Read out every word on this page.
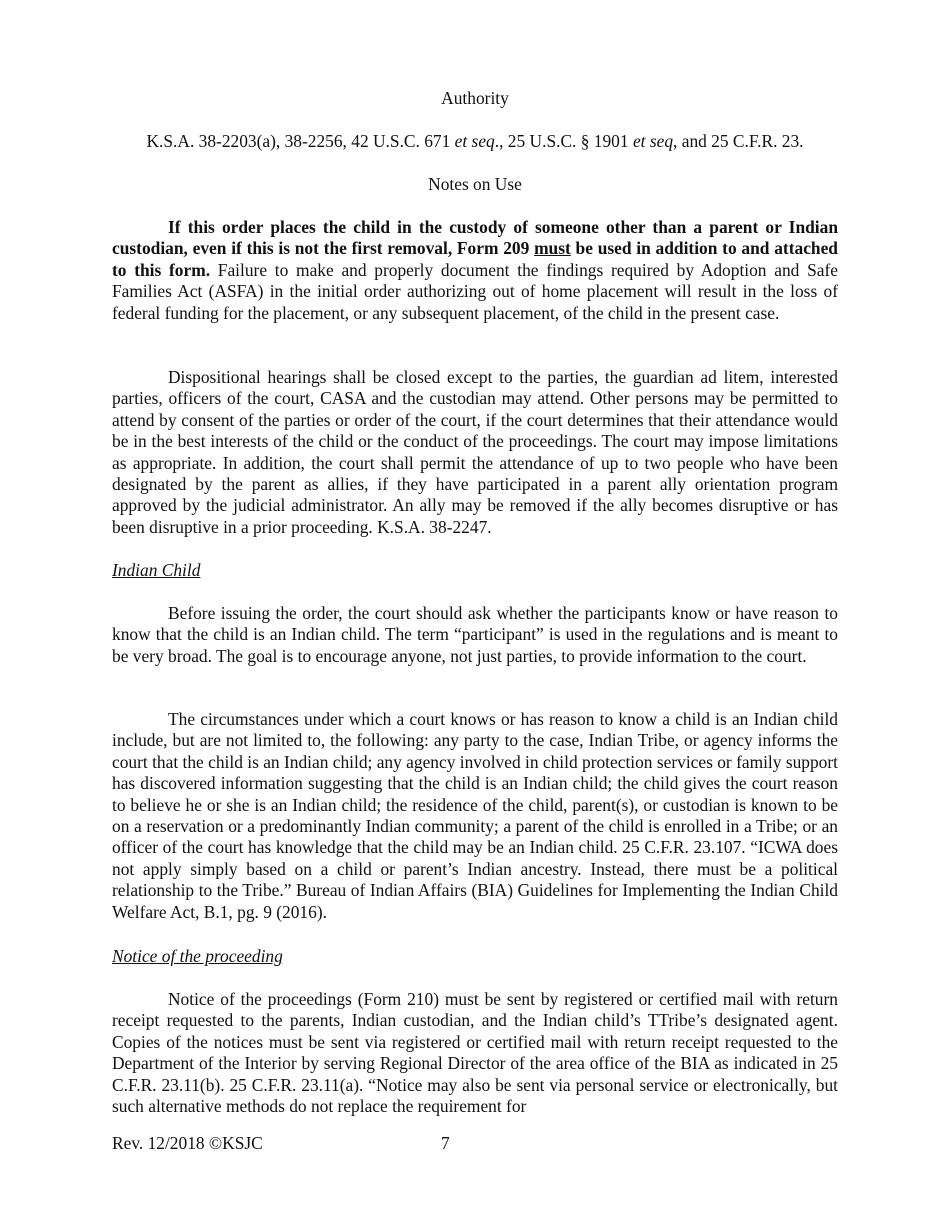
Authority
K.S.A. 38-2203(a), 38-2256, 42 U.S.C. 671 et seq., 25 U.S.C. § 1901 et seq, and 25 C.F.R. 23.
Notes on Use
If this order places the child in the custody of someone other than a parent or Indian custodian, even if this is not the first removal, Form 209 must be used in addition to and attached to this form. Failure to make and properly document the findings required by Adoption and Safe Families Act (ASFA) in the initial order authorizing out of home placement will result in the loss of federal funding for the placement, or any subsequent placement, of the child in the present case.
Dispositional hearings shall be closed except to the parties, the guardian ad litem, interested parties, officers of the court, CASA and the custodian may attend. Other persons may be permitted to attend by consent of the parties or order of the court, if the court determines that their attendance would be in the best interests of the child or the conduct of the proceedings. The court may impose limitations as appropriate. In addition, the court shall permit the attendance of up to two people who have been designated by the parent as allies, if they have participated in a parent ally orientation program approved by the judicial administrator. An ally may be removed if the ally becomes disruptive or has been disruptive in a prior proceeding. K.S.A. 38-2247.
Indian Child
Before issuing the order, the court should ask whether the participants know or have reason to know that the child is an Indian child. The term “participant” is used in the regulations and is meant to be very broad. The goal is to encourage anyone, not just parties, to provide information to the court.
The circumstances under which a court knows or has reason to know a child is an Indian child include, but are not limited to, the following: any party to the case, Indian Tribe, or agency informs the court that the child is an Indian child; any agency involved in child protection services or family support has discovered information suggesting that the child is an Indian child; the child gives the court reason to believe he or she is an Indian child; the residence of the child, parent(s), or custodian is known to be on a reservation or a predominantly Indian community; a parent of the child is enrolled in a Tribe; or an officer of the court has knowledge that the child may be an Indian child. 25 C.F.R. 23.107. “ICWA does not apply simply based on a child or parent’s Indian ancestry. Instead, there must be a political relationship to the Tribe.” Bureau of Indian Affairs (BIA) Guidelines for Implementing the Indian Child Welfare Act, B.1, pg. 9 (2016).
Notice of the proceeding
Notice of the proceedings (Form 210) must be sent by registered or certified mail with return receipt requested to the parents, Indian custodian, and the Indian child’s TTribe’s designated agent. Copies of the notices must be sent via registered or certified mail with return receipt requested to the Department of the Interior by serving Regional Director of the area office of the BIA as indicated in 25 C.F.R. 23.11(b). 25 C.F.R. 23.11(a). “Notice may also be sent via personal service or electronically, but such alternative methods do not replace the requirement for
Rev. 12/2018 ©KSJC	7
